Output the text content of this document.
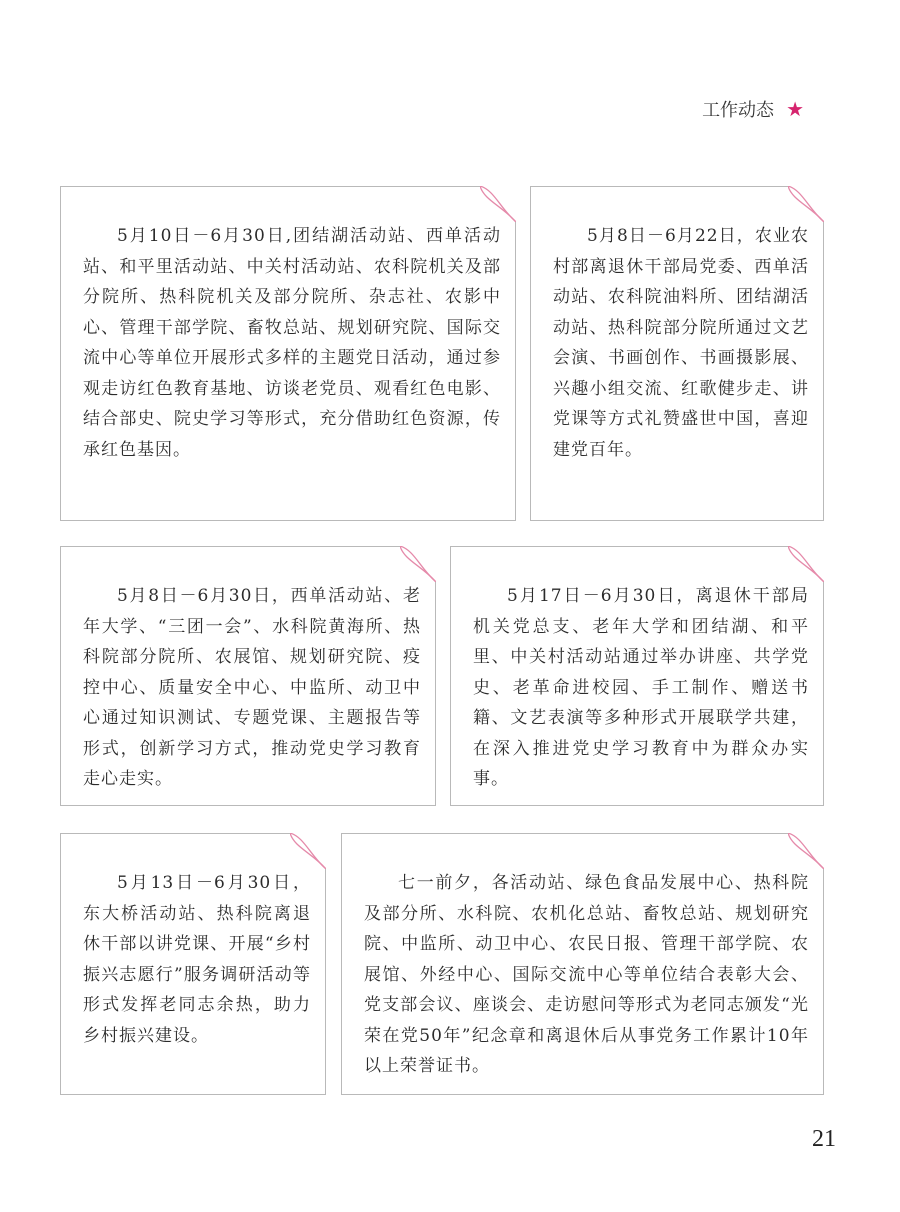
工作动态 ★
5月10日－6月30日,团结湖活动站、西单活动站、和平里活动站、中关村活动站、农科院机关及部分院所、热科院机关及部分院所、杂志社、农影中心、管理干部学院、畜牧总站、规划研究院、国际交流中心等单位开展形式多样的主题党日活动，通过参观走访红色教育基地、访谈老党员、观看红色电影、结合部史、院史学习等形式，充分借助红色资源，传承红色基因。
5月8日－6月22日，农业农村部离退休干部局党委、西单活动站、农科院油料所、团结湖活动站、热科院部分院所通过文艺会演、书画创作、书画摄影展、兴趣小组交流、红歌健步走、讲党课等方式礼赞盛世中国，喜迎建党百年。
5月8日－6月30日，西单活动站、老年大学、“三团一会”、水科院黄海所、热科院部分院所、农展馆、规划研究院、疫控中心、质量安全中心、中监所、动卫中心通过知识测试、专题党课、主题报告等形式，创新学习方式，推动党史学习教育走心走实。
5月17日－6月30日，离退休干部局机关党总支、老年大学和团结湖、和平里、中关村活动站通过举办讲座、共学党史、老革命进校园、手工制作、赠送书籍、文艺表演等多种形式开展联学共建，在深入推进党史学习教育中为群众办实事。
5月13日－6月30日，东大桥活动站、热科院离退休干部以讲党课、开展“乡村振兴志愿行”服务调研活动等形式发挥老同志余热，助力乡村振兴建设。
七一前夕，各活动站、绿色食品发展中心、热科院及部分所、水科院、农机化总站、畜牧总站、规划研究院、中监所、动卫中心、农民日报、管理干部学院、农展馆、外经中心、国际交流中心等单位结合表彰大会、党支部会议、座谈会、走访慰问等形式为老同志颁发“光荣在党50年”纪念章和离退休后从事党务工作累计10年以上荣誉证书。
21
